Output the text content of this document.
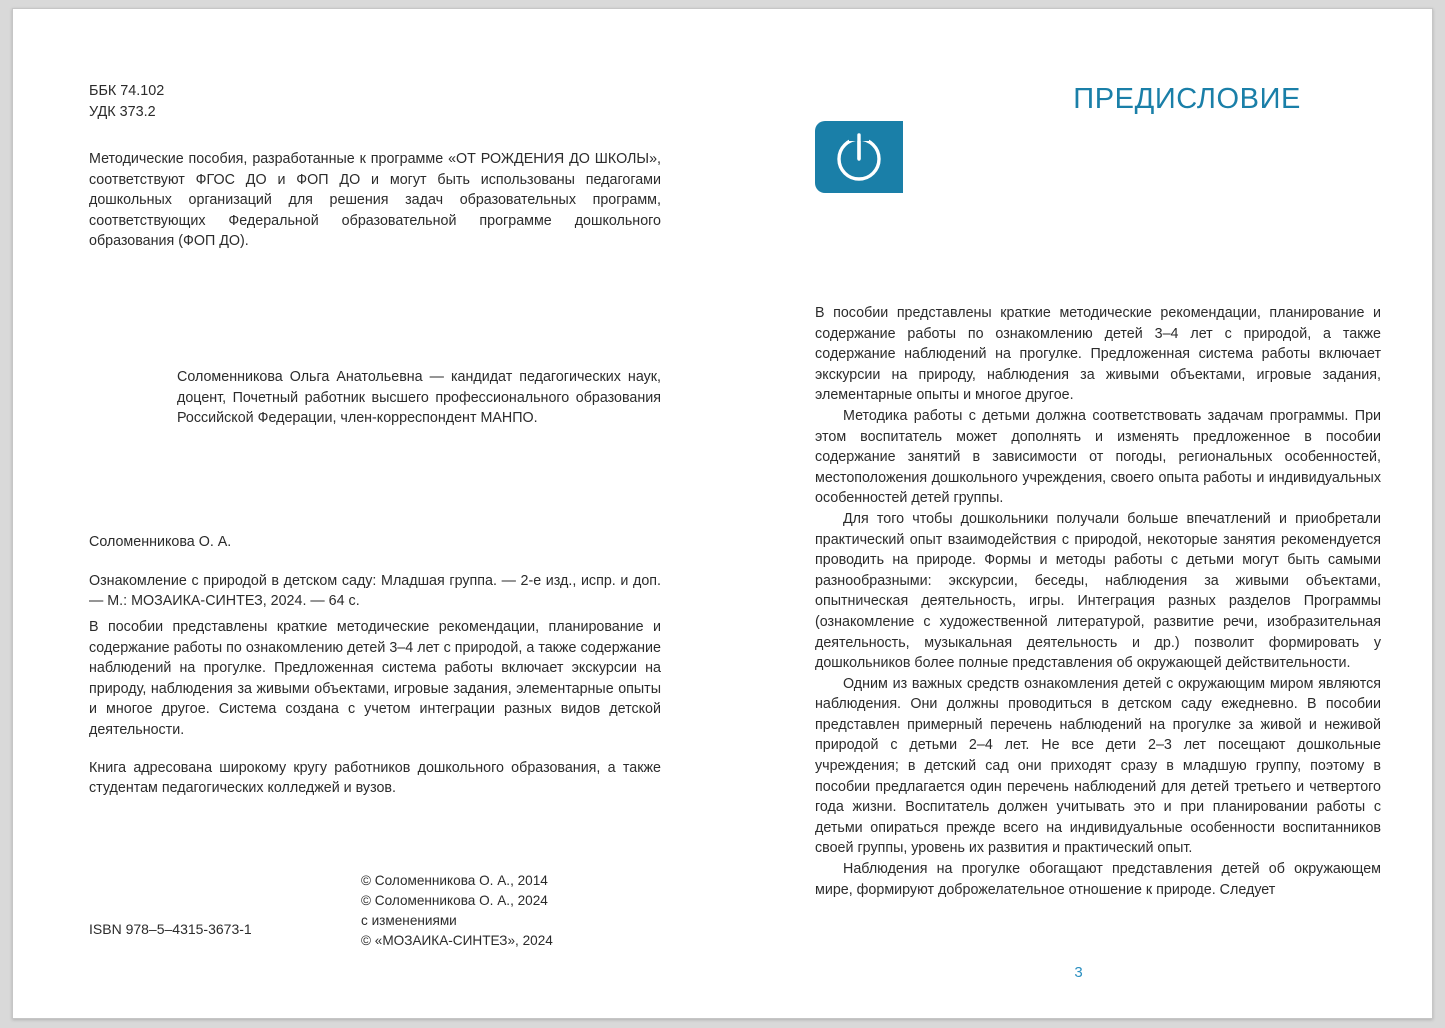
ББК 74.102
УДК 373.2

Методические пособия, разработанные к программе «ОТ РОЖДЕНИЯ ДО ШКОЛЫ», соответствуют ФГОС ДО и ФОП ДО и могут быть использованы педагогами дошкольных организаций для решения задач образовательных программ, соответствующих Федеральной образовательной программе дошкольного образования (ФОП ДО).

Соломенникова Ольга Анатольевна — кандидат педагогических наук, доцент, Почетный работник высшего профессионального образования Российской Федерации, член-корреспондент МАНПО.

Соломенникова О. А.

Ознакомление с природой в детском саду: Младшая группа. — 2-е изд., испр. и доп. — М.: МОЗАИКА-СИНТЕЗ, 2024. — 64 с.

В пособии представлены краткие методические рекомендации, планирование и содержание работы по ознакомлению детей 3–4 лет с природой, а также содержание наблюдений на прогулке. Предложенная система работы включает экскурсии на природу, наблюдения за живыми объектами, игровые задания, элементарные опыты и многое другое. Система создана с учетом интеграции разных видов детской деятельности.

Книга адресована широкому кругу работников дошкольного образования, а также студентам педагогических колледжей и вузов.

© Соломенникова О. А., 2014
© Соломенникова О. А., 2024
с изменениями
© «МОЗАИКА-СИНТЕЗ», 2024
ISBN 978–5–4315-3673-1
ПРЕДИСЛОВИЕ

В пособии представлены краткие методические рекомендации, планирование и содержание работы по ознакомлению детей 3–4 лет с природой, а также содержание наблюдений на прогулке. Предложенная система работы включает экскурсии на природу, наблюдения за живыми объектами, игровые задания, элементарные опыты и многое другое.

Методика работы с детьми должна соответствовать задачам программы. При этом воспитатель может дополнять и изменять предложенное в пособии содержание занятий в зависимости от погоды, региональных особенностей, местоположения дошкольного учреждения, своего опыта работы и индивидуальных особенностей детей группы.

Для того чтобы дошкольники получали больше впечатлений и приобретали практический опыт взаимодействия с природой, некоторые занятия рекомендуется проводить на природе. Формы и методы работы с детьми могут быть самыми разнообразными: экскурсии, беседы, наблюдения за живыми объектами, опытническая деятельность, игры. Интеграция разных разделов Программы (ознакомление с художественной литературой, развитие речи, изобразительная деятельность, музыкальная деятельность и др.) позволит формировать у дошкольников более полные представления об окружающей действительности.

Одним из важных средств ознакомления детей с окружающим миром являются наблюдения. Они должны проводиться в детском саду ежедневно. В пособии представлен примерный перечень наблюдений на прогулке за живой и неживой природой с детьми 2–4 лет. Не все дети 2–3 лет посещают дошкольные учреждения; в детский сад они приходят сразу в младшую группу, поэтому в пособии предлагается один перечень наблюдений для детей третьего и четвертого года жизни. Воспитатель должен учитывать это и при планировании работы с детьми опираться прежде всего на индивидуальные особенности воспитанников своей группы, уровень их развития и практический опыт.

Наблюдения на прогулке обогащают представления детей об окружающем мире, формируют доброжелательное отношение к природе. Следует

3
